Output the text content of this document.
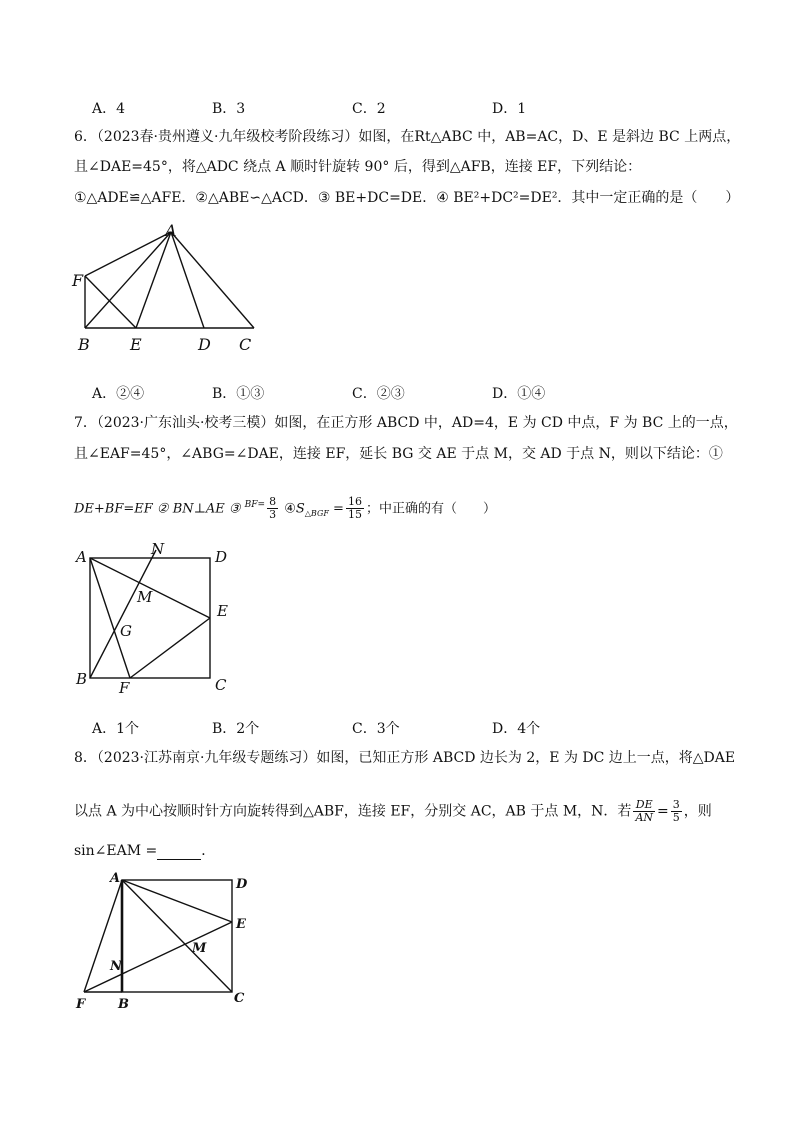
A．4	B．3	C．2	D．1
6．（2023春·贵州遵义·九年级校考阶段练习）如图，在Rt△ABC 中，AB=AC，D、E 是斜边 BC 上两点，
且∠DAE=45°，将△ADC 绕点 A 顺时针旋转 90° 后，得到△AFB，连接 EF，下列结论：
①△ADE≌△AFE．②△ABE∽△ACD．③ BE+DC=DE．④ BE²+DC²=DE²．其中一定正确的是（　　）
A
F
B	E	D C
A．②④	B．①③	C．②③	D．①④
7．（2023·广东汕头·校考三模）如图，在正方形 ABCD 中，AD=4，E 为 CD 中点，F 为 BC 上的一点，
且∠EAF=45°，∠ABG=∠DAE，连接 EF，延长 BG 交 AE 于点 M，交 AD 于点 N，则以下结论：①
DE+BF=EF ② BN⊥AE ③ $^{BF=} \frac{8}{3}$ $④S_{\triangle BGF} = \frac{16}{15}$ ；中正确的有（　　）
A	N	D
M
E
G
B F	C
A．1个	B．2个	C．3个	D．4个
8．（2023·江苏南京·九年级专题练习）如图，已知正方形 ABCD 边长为 2，E 为 DC 边上一点，将△DAE
以点 A 为中心按顺时针方向旋转得到△ABF，连接 EF，分别交 AC，AB 于点 M，N．若 $\frac{DE}{AN} = \frac{3}{5}$ ，则
sin∠EAM =	．
A	D
E
M
N
F	B	C
